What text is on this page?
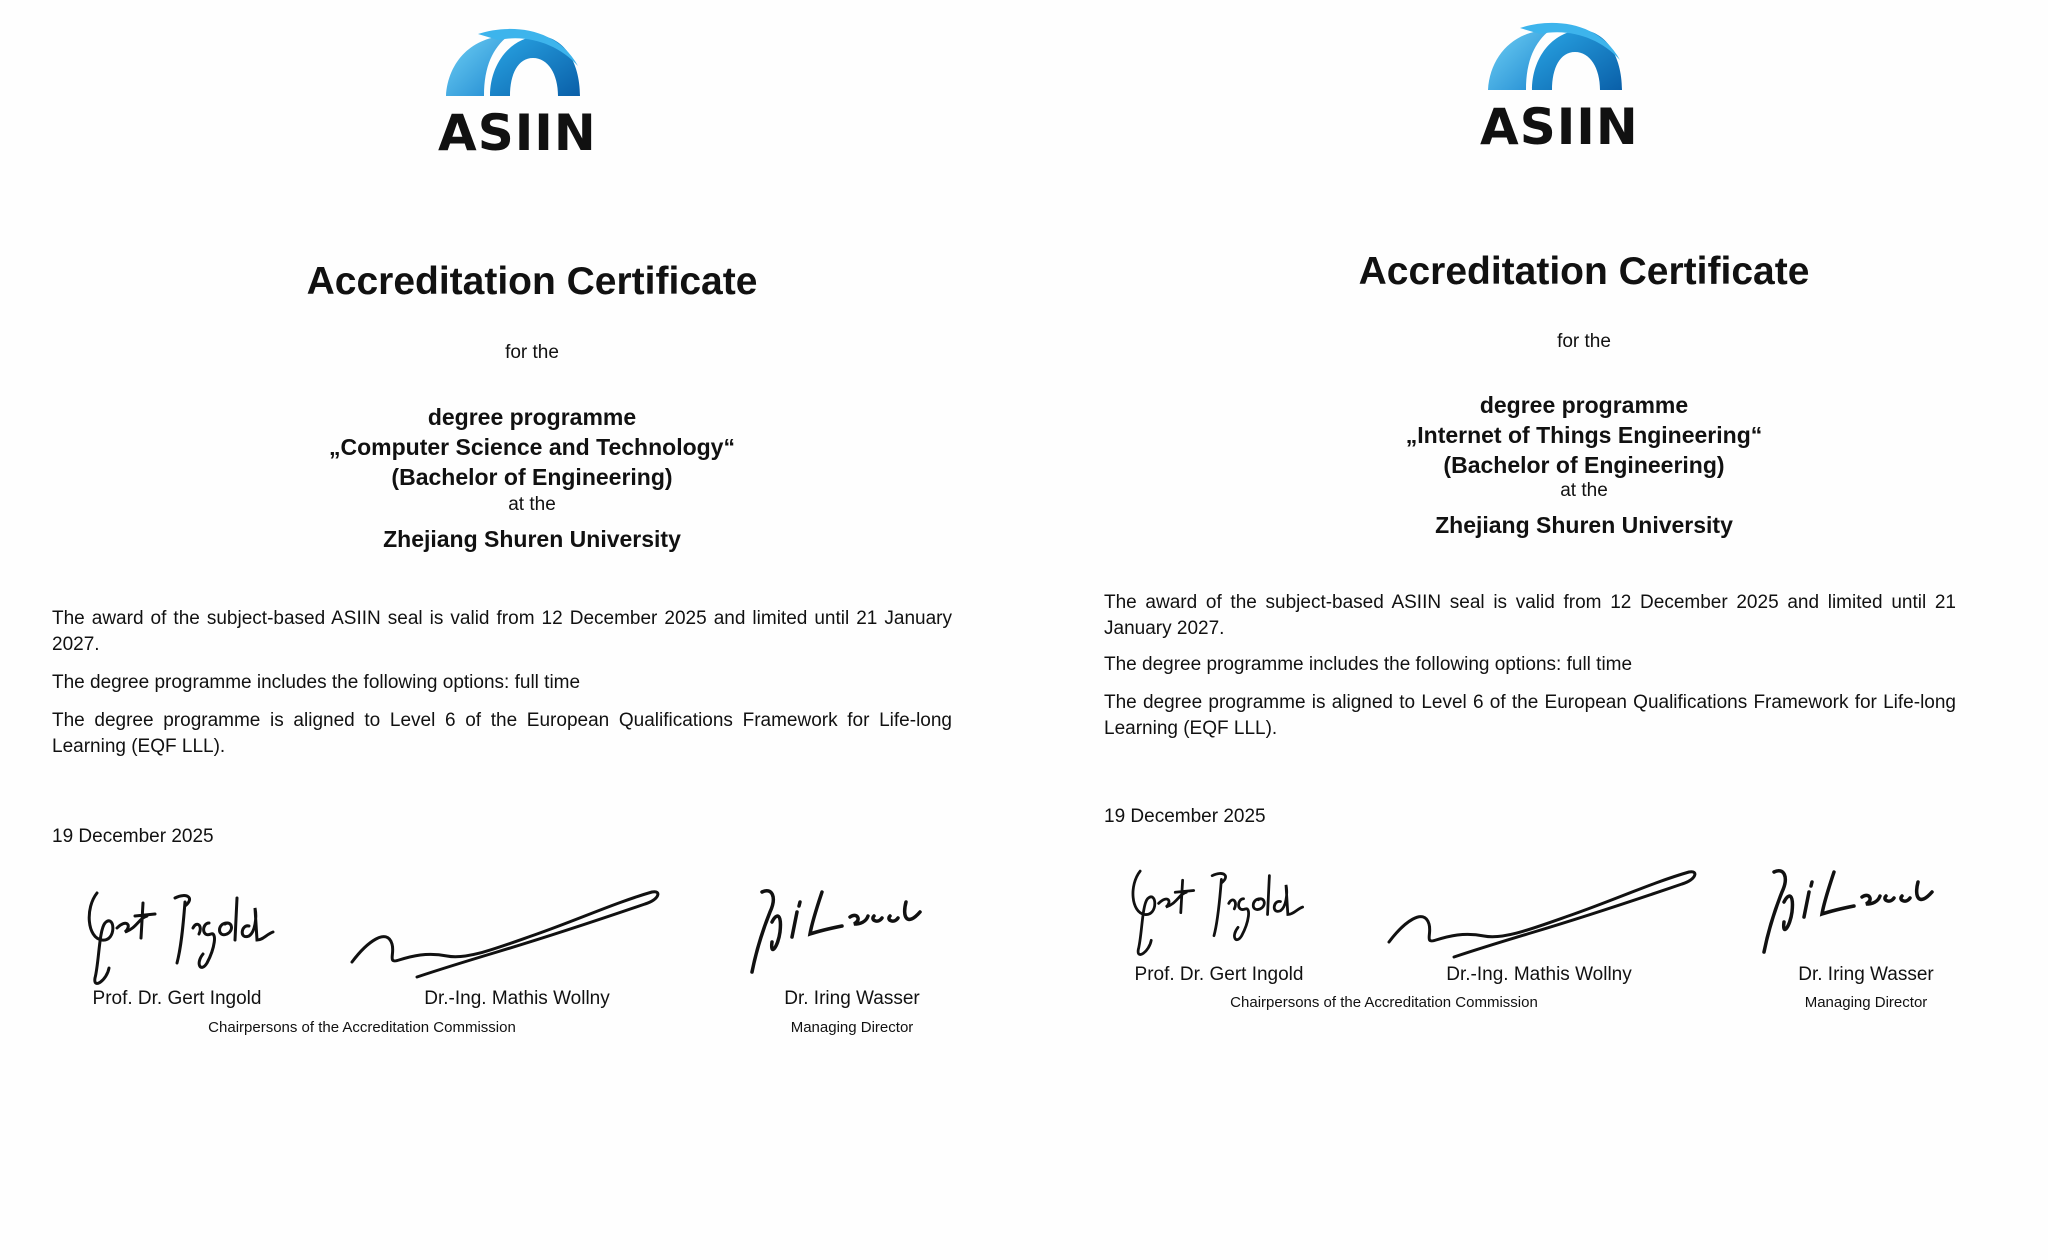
ASIIN
Accreditation Certificate
for the
degree programme
„Computer Science and Technology“
(Bachelor of Engineering)
at the
Zhejiang Shuren University
The award of the subject-based ASIIN seal is valid from 12 December 2025 and limited until 21 January 2027.
The degree programme includes the following options: full time
The degree programme is aligned to Level 6 of the European Qualifications Framework for Life-long Learning (EQF LLL).
19 December 2025
Prof. Dr. Gert Ingold	Dr.-Ing. Mathis Wollny	Dr. Iring Wasser
Chairpersons of the Accreditation Commission	Managing Director
ASIIN
Accreditation Certificate
for the
degree programme
„Internet of Things Engineering“
(Bachelor of Engineering)
at the
Zhejiang Shuren University
The award of the subject-based ASIIN seal is valid from 12 December 2025 and limited until 21 January 2027.
The degree programme includes the following options: full time
The degree programme is aligned to Level 6 of the European Qualifications Framework for Life-long Learning (EQF LLL).
19 December 2025
Prof. Dr. Gert Ingold	Dr.-Ing. Mathis Wollny	Dr. Iring Wasser
Chairpersons of the Accreditation Commission	Managing Director
